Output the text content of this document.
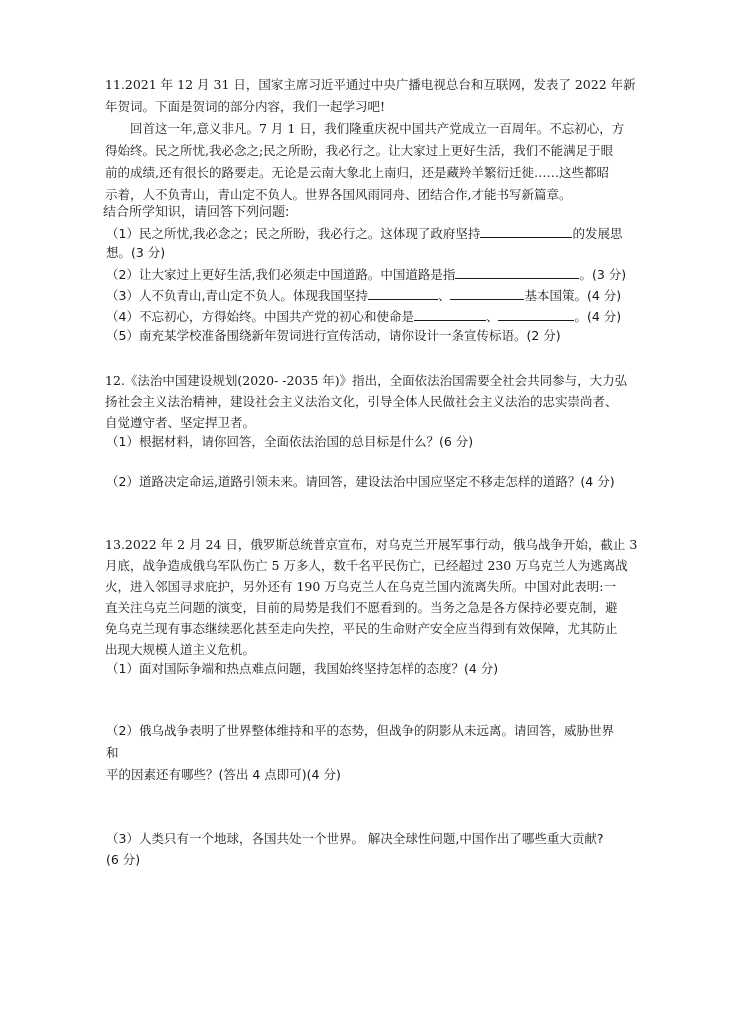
11.2021 年 12 月 31 日，国家主席习近平通过中央广播电视总台和互联网，发表了 2022 年新
年贺词。下面是贺词的部分内容，我们一起学习吧!
回首这一年,意义非凡。7 月 1 日，我们隆重庆祝中国共产党成立一百周年。不忘初心，方
得始终。民之所忧,我必念之;民之所盼，我必行之。让大家过上更好生活，我们不能满足于眼
前的成绩,还有很长的路要走。无论是云南大象北上南归，还是藏羚羊繁衍迁徙……这些都昭
示着，人不负青山，青山定不负人。世界各国风雨同舟、团结合作,才能书写新篇章。
结合所学知识，请回答下列问题:
（1）民之所忧,我必念之；民之所盼，我必行之。这体现了政府坚持	的发展思
想。(3 分)
（2）让大家过上更好生活,我们必须走中国道路。中国道路是指	。(3 分)
（3）人不负青山,青山定不负人。体现我国坚持	、	基本国策。(4 分)
（4）不忘初心，方得始终。中国共产党的初心和使命是	、	。(4 分)
（5）南充某学校准备围绕新年贺词进行宣传活动，请你设计一条宣传标语。(2 分)
12.《法治中国建设规划(2020- -2035 年)》指出，全面依法治国需要全社会共同参与，大力弘
扬社会主义法治精神，建设社会主义法治文化，引导全体人民做社会主义法治的忠实崇尚者、
自觉遵守者、坚定捍卫者。
（1）根据材料，请你回答，全面依法治国的总目标是什么？(6 分)
（2）道路决定命运,道路引领未来。请回答，建设法治中国应坚定不移走怎样的道路？(4 分)
13.2022 年 2 月 24 日，俄罗斯总统普京宣布，对乌克兰开展军事行动，俄乌战争开始，截止 3
月底，战争造成俄乌军队伤亡 5 万多人，数千名平民伤亡，已经超过 230 万乌克兰人为逃离战
火，进入邻国寻求庇护，另外还有 190 万乌克兰人在乌克兰国内流离失所。中国对此表明:一
直关注乌克兰问题的演变，目前的局势是我们不愿看到的。当务之急是各方保持必要克制，避
免乌克兰现有事态继续恶化甚至走向失控，平民的生命财产安全应当得到有效保障，尤其防止
出现大规模人道主义危机。
（1）面对国际争端和热点难点问题，我国始终坚持怎样的态度？(4 分)
（2）俄乌战争表明了世界整体维持和平的态势，但战争的阴影从未远离。请回答，威胁世界
和
平的因素还有哪些？(答出 4 点即可)(4 分)
（3）人类只有一个地球，各国共处一个世界。 解决全球性问题,中国作出了哪些重大贡献?
(6 分)
